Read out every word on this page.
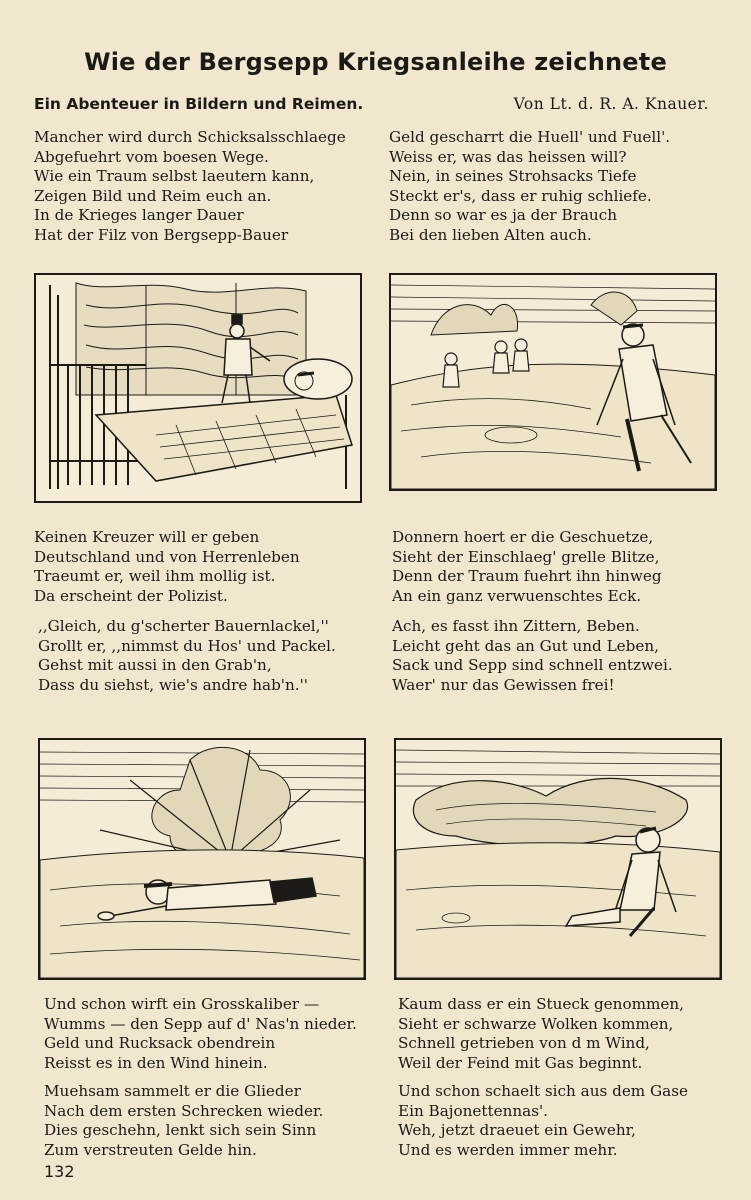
Wie der Bergsepp Kriegsanleihe zeichnete
Ein Abenteuer in Bildern und Reimen.	Von Lt. d. R. A. Knauer.
Mancher wird durch Schicksalsschlaege
Abgefuehrt vom boesen Wege.
Wie ein Traum selbst laeutern kann,
Zeigen Bild und Reim euch an.
In de Krieges langer Dauer
Hat der Filz von Bergsepp-Bauer
Geld gescharrt die Huell' und Fuell'.
Weiss er, was das heissen will?
Nein, in seines Strohsacks Tiefe
Steckt er's, dass er ruhig schliefe.
Denn so war es ja der Brauch
Bei den lieben Alten auch.
Keinen Kreuzer will er geben
Deutschland und von Herrenleben
Traeumt er, weil ihm mollig ist.
Da erscheint der Polizist.
,,Gleich, du g'scherter Bauernlackel,''
Grollt er, ,,nimmst du Hos' und Packel.
Gehst mit aussi in den Grab'n,
Dass du siehst, wie's andre hab'n.''
Donnern hoert er die Geschuetze,
Sieht der Einschlaeg' grelle Blitze,
Denn der Traum fuehrt ihn hinweg
An ein ganz verwuenschtes Eck.
Ach, es fasst ihn Zittern, Beben.
Leicht geht das an Gut und Leben,
Sack und Sepp sind schnell entzwei.
Waer' nur das Gewissen frei!
Und schon wirft ein Grosskaliber —
Wumms — den Sepp auf d' Nas'n nieder.
Geld und Rucksack obendrein
Reisst es in den Wind hinein.
Muehsam sammelt er die Glieder
Nach dem ersten Schrecken wieder.
Dies geschehn, lenkt sich sein Sinn
Zum verstreuten Gelde hin.
Kaum dass er ein Stueck genommen,
Sieht er schwarze Wolken kommen,
Schnell getrieben von d m Wind,
Weil der Feind mit Gas beginnt.
Und schon schaelt sich aus dem Gase
Ein Bajonettennas'.
Weh, jetzt draeuet ein Gewehr,
Und es werden immer mehr.
132
